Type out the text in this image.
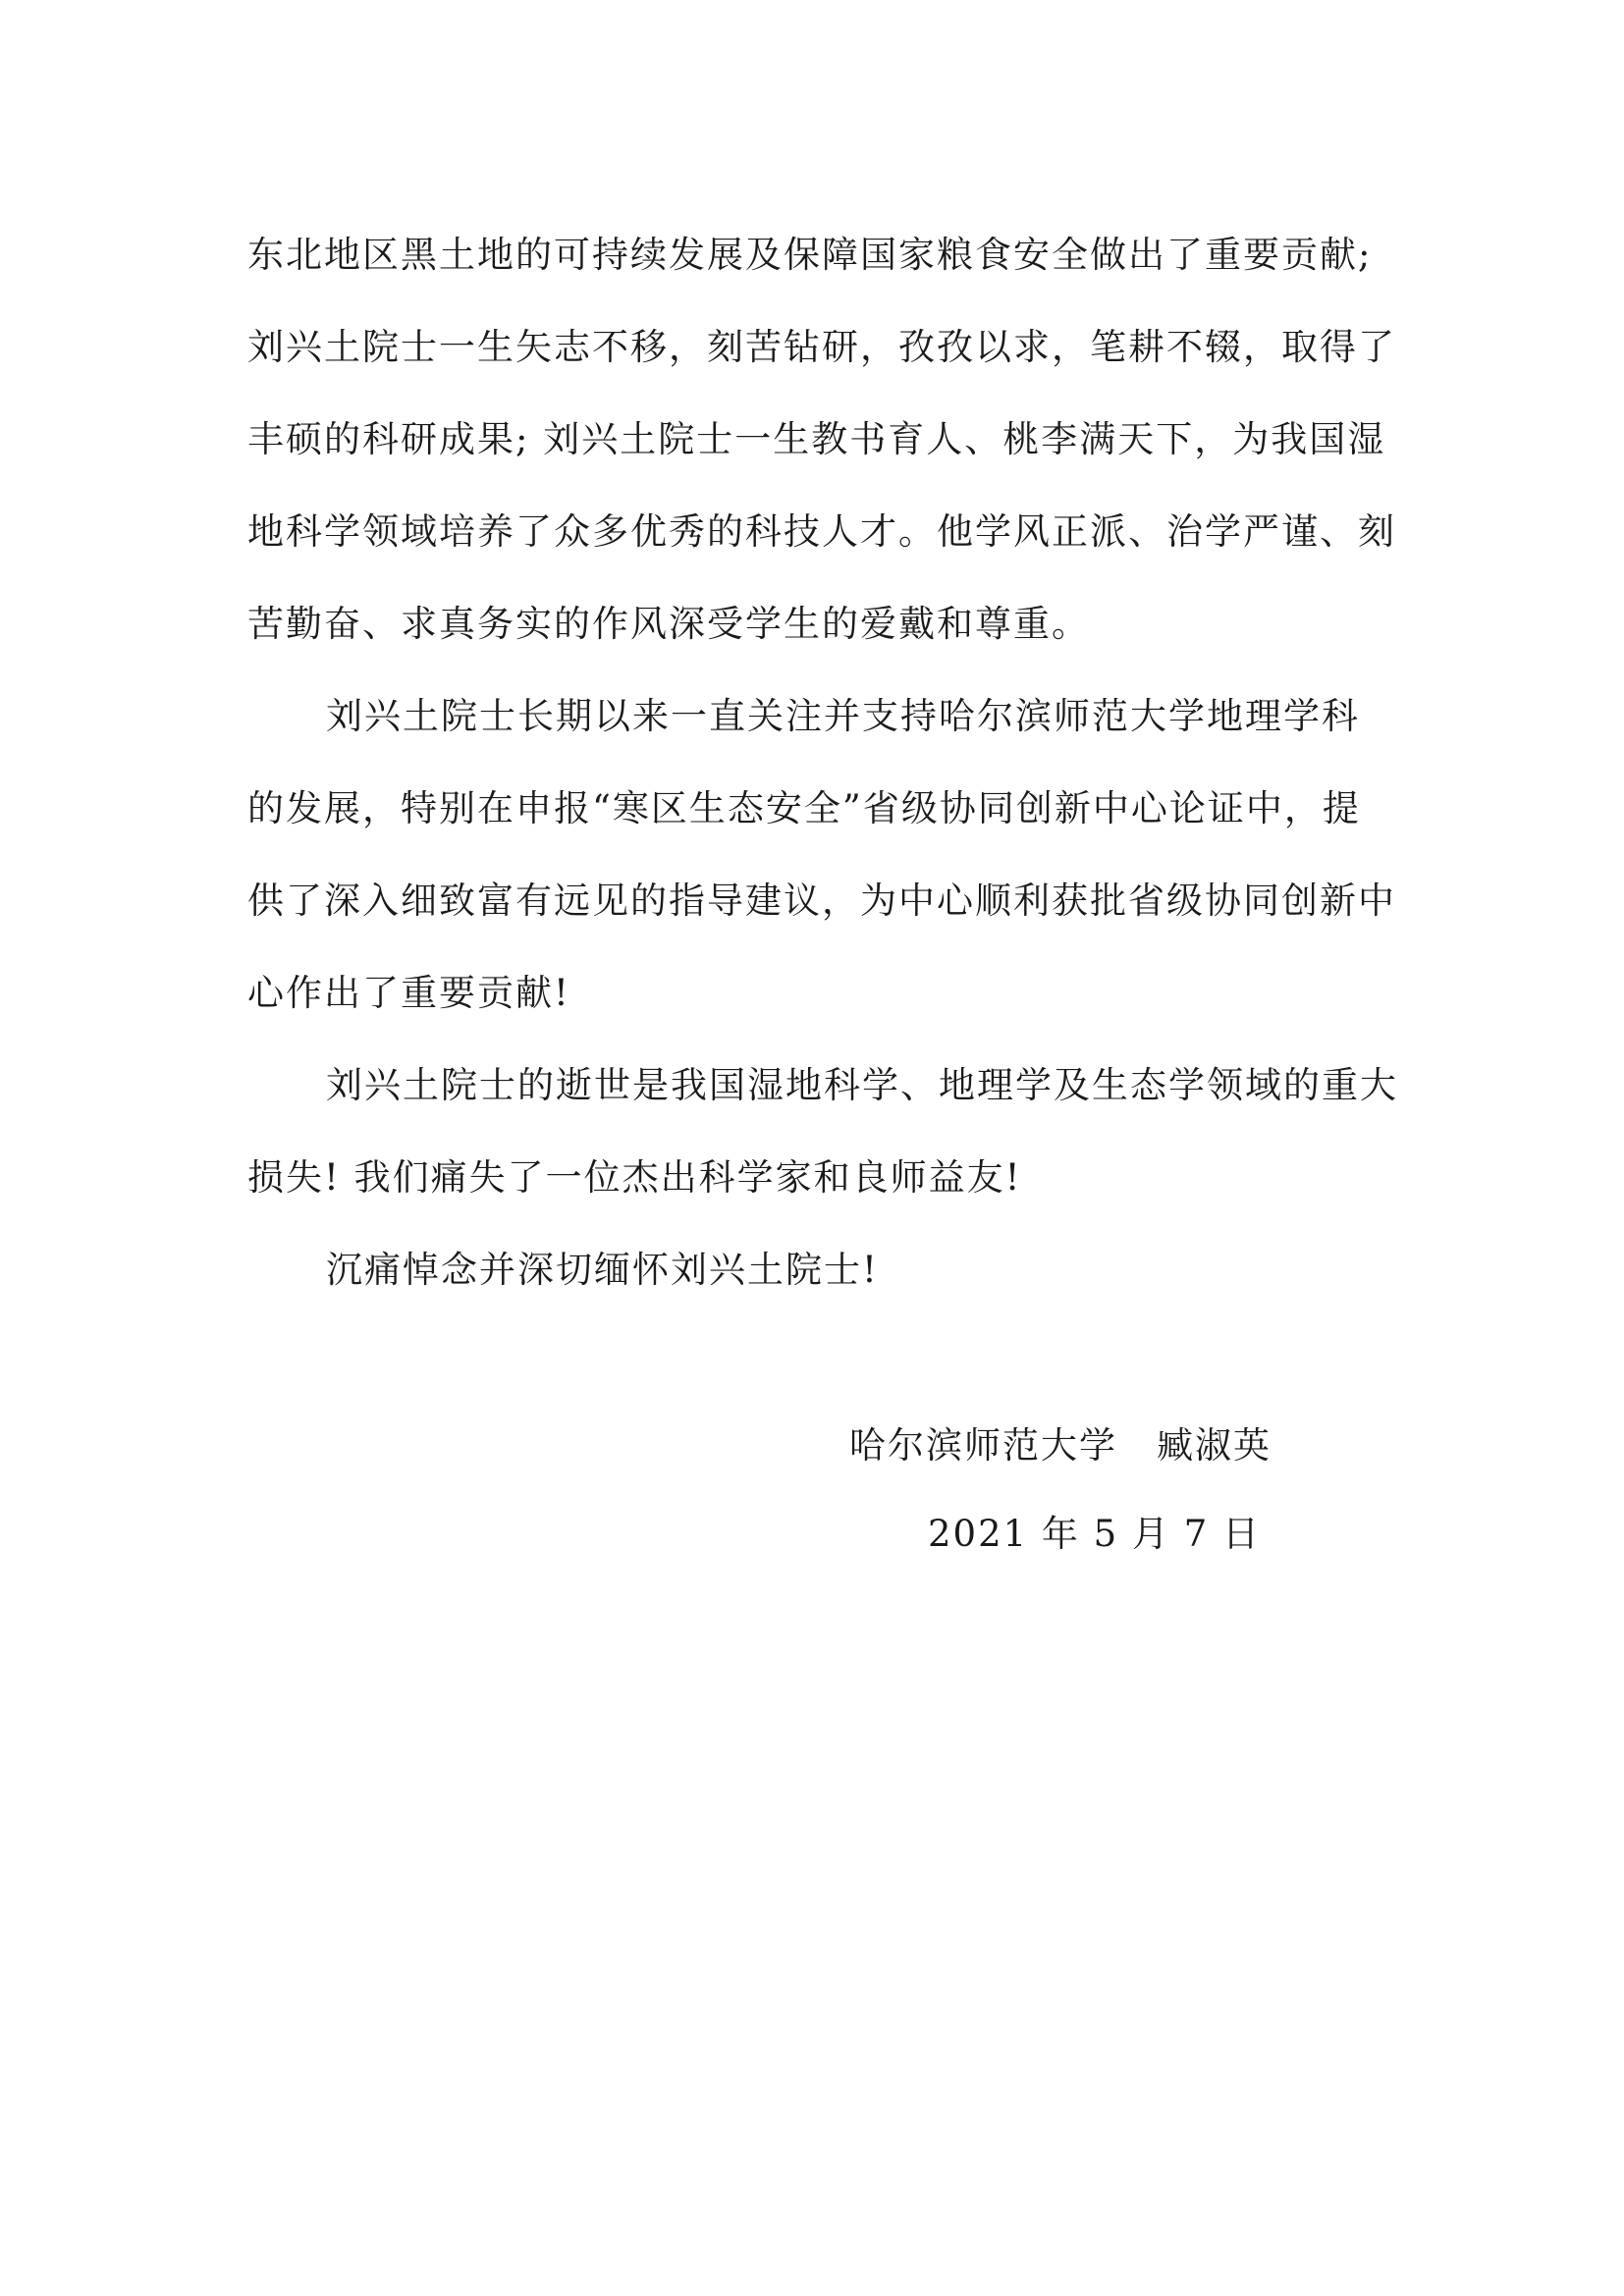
东北地区黑土地的可持续发展及保障国家粮食安全做出了重要贡献;
刘兴土院士一生矢志不移，刻苦钻研，孜孜以求，笔耕不辍，取得了
丰硕的科研成果; 刘兴土院士一生教书育人、桃李满天下，为我国湿
地科学领域培养了众多优秀的科技人才。他学风正派、治学严谨、刻
苦勤奋、求真务实的作风深受学生的爱戴和尊重。
刘兴土院士长期以来一直关注并支持哈尔滨师范大学地理学科
的发展，特别在申报“寒区生态安全”省级协同创新中心论证中，提
供了深入细致富有远见的指导建议，为中心顺利获批省级协同创新中
心作出了重要贡献!
刘兴土院士的逝世是我国湿地科学、地理学及生态学领域的重大
损失! 我们痛失了一位杰出科学家和良师益友!
沉痛悼念并深切缅怀刘兴土院士!
哈尔滨师范大学 臧淑英
2021 年 5 月 7 日
